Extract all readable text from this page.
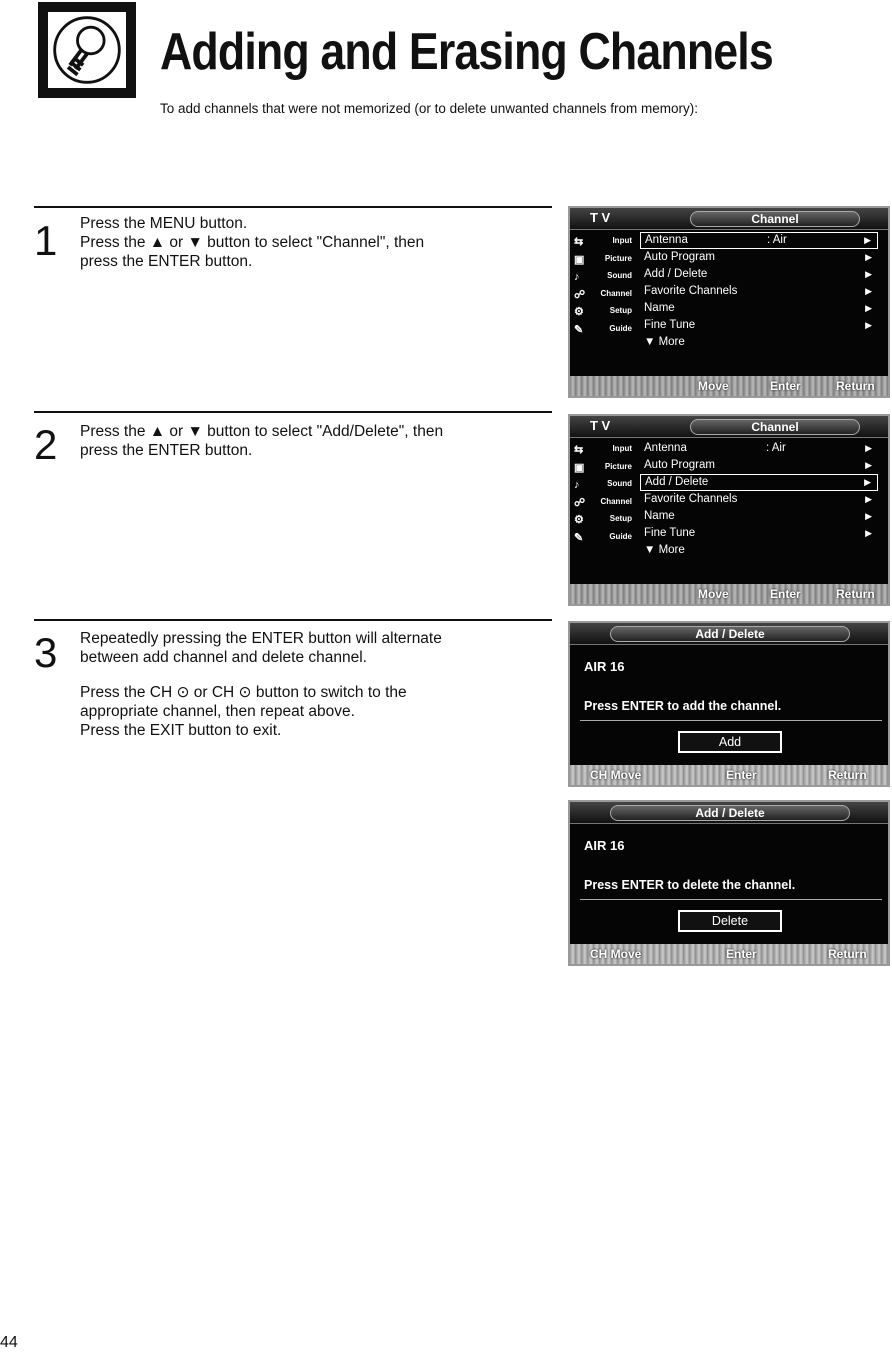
Adding and Erasing Channels
To add channels that were not memorized (or to delete unwanted channels from memory):
1 Press the MENU button.

Press the ▲ or ▼ button to select "Channel", then

press the ENTER button.

2 Press the ▲ or ▼ button to select "Add/Delete", then

press the ENTER button.

3 Repeatedly pressing the ENTER button will alternate

between add channel and delete channel.

Press the CH ⊙ or CH ⊙ button to switch to the

appropriate channel, then repeat above.

Press the EXIT button to exit.

T V	Channel
⇆	Input
▣	Picture
♪	Sound
☍ Channel
⚙	Setup
✎	Guide
Antenna	: Air	▶
Auto Program	▶
Add / Delete	▶
Favorite Channels	▶
Name	▶
Fine Tune	▶
▼ More
Move	Enter	Return
T V	Channel
⇆	Input
▣	Picture
♪	Sound
☍ Channel
⚙	Setup
✎	Guide
Antenna	: Air	▶
Auto Program	▶
Add / Delete	▶
Favorite Channels	▶
Name	▶
Fine Tune	▶
▼ More
Move	Enter	Return
Add / Delete
AIR 16
Press ENTER to add the channel.
Add
CH Move	Enter	Return
Add / Delete
AIR 16
Press ENTER to delete the channel.
Delete
CH Move	Enter	Return
44
